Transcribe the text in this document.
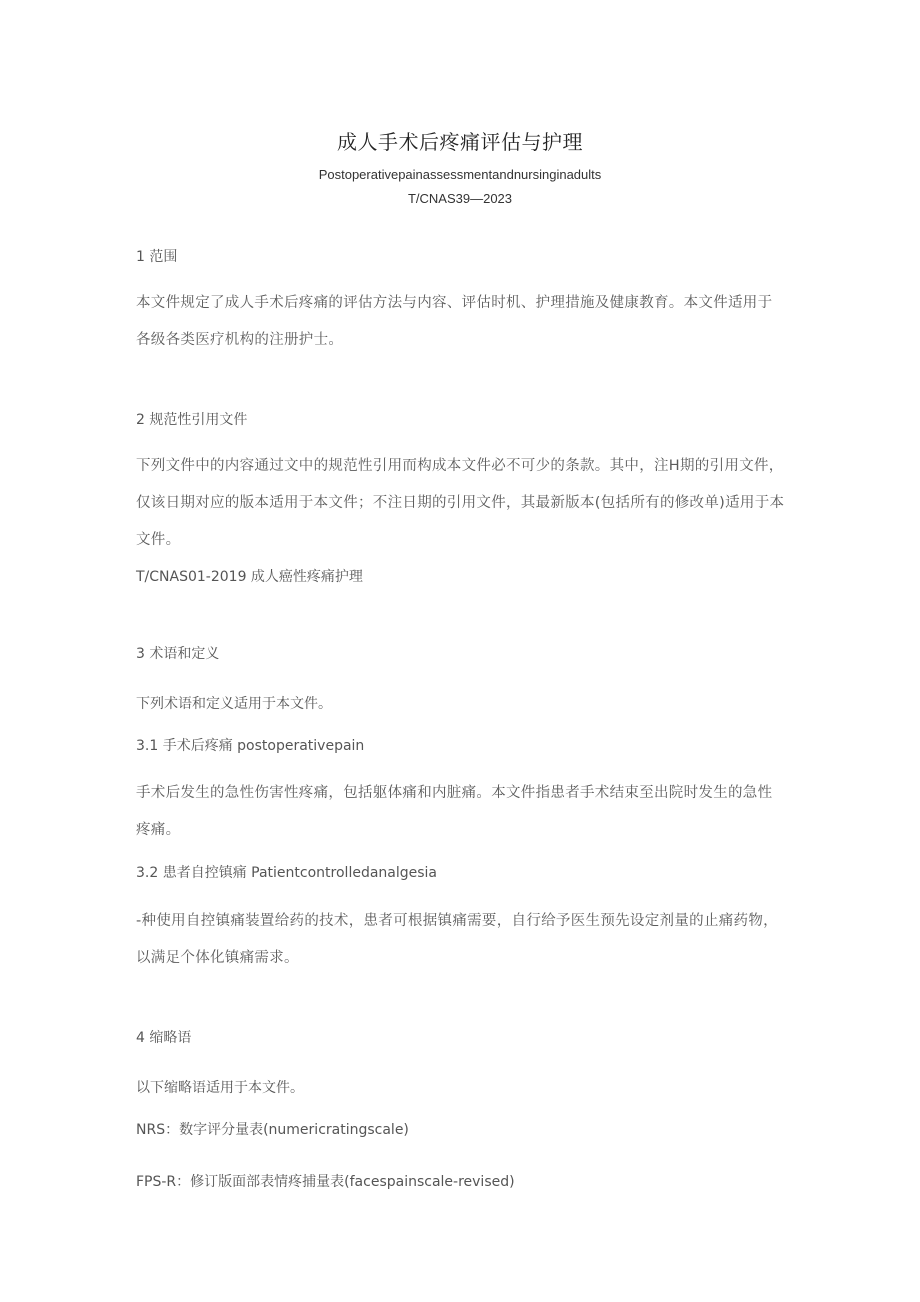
成人手术后疼痛评估与护理
Postoperativepainassessmentandnursinginadults
T/CNAS39—2023
1 范围
本文件规定了成人手术后疼痛的评估方法与内容、评估时机、护理措施及健康教育。本文件适用于各级各类医疗机构的注册护士。
2 规范性引用文件
下列文件中的内容通过文中的规范性引用而构成本文件必不可少的条款。其中，注H期的引用文件，仅该日期对应的版本适用于本文件；不注日期的引用文件，其最新版本(包括所有的修改单)适用于本文件。
T/CNAS01-2019 成人癌性疼痛护理
3 术语和定义
下列术语和定义适用于本文件。
3.1 手术后疼痛 postoperativepain
手术后发生的急性伤害性疼痛，包括躯体痛和内脏痛。本文件指患者手术结束至出院时发生的急性疼痛。
3.2 患者自控镇痛 Patientcontrolledanalgesia
-种使用自控镇痛装置给药的技术，患者可根据镇痛需要，自行给予医生预先设定剂量的止痛药物，以满足个体化镇痛需求。
4 缩略语
以下缩略语适用于本文件。
NRS：数字评分量表(numericratingscale)
FPS-R：修订版面部表情疼捕量表(facespainscale-revised)
